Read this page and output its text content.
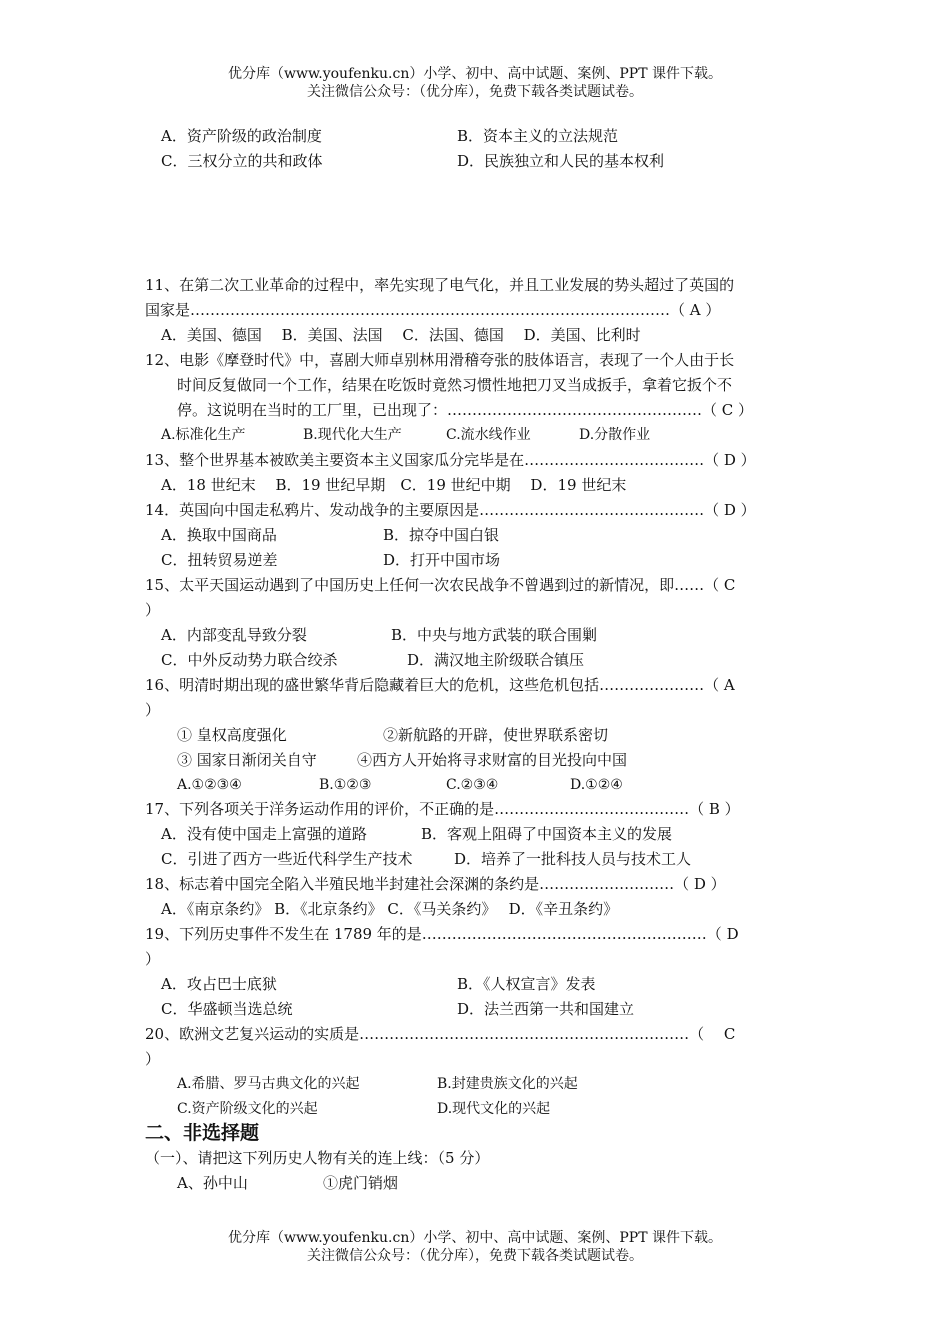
优分库（www.youfenku.cn）小学、初中、高中试题、案例、PPT 课件下载。
关注微信公众号：（优分库），免费下载各类试题试卷。
A．资产阶级的政治制度	B．资本主义的立法规范
C．三权分立的共和政体	D．民族独立和人民的基本权利
11、在第二次工业革命的过程中，率先实现了电气化，并且工业发展的势头超过了英国的
国家是……………………………………………………………………………………（ A ）
A．美国、德国　 B．美国、法国　 C．法国、德国　 D．美国、比利时
12、电影《摩登时代》中，喜剧大师卓别林用滑稽夸张的肢体语言，表现了一个人由于长
时间反复做同一个工作，结果在吃饭时竟然习惯性地把刀叉当成扳手，拿着它扳个不
停。这说明在当时的工厂里，已出现了：……………………………………………（ C ）
A.标准化生产	B.现代化大生产	C.流水线作业	D.分散作业
13、整个世界基本被欧美主要资本主义国家瓜分完毕是在………………………………（ D ）
A．18 世纪末　 B．19 世纪早期　C．19 世纪中期　 D．19 世纪末
14．英国向中国走私鸦片、发动战争的主要原因是………………………………………（ D ）
A．换取中国商品	B．掠夺中国白银
C．扭转贸易逆差	D．打开中国市场
15、太平天国运动遇到了中国历史上任何一次农民战争不曾遇到过的新情况，即……（ C
）
A．内部变乱导致分裂	B．中央与地方武装的联合围剿
C．中外反动势力联合绞杀	D．满汉地主阶级联合镇压
16、明清时期出现的盛世繁华背后隐藏着巨大的危机，这些危机包括…………………（ A
）
① 皇权高度强化	②新航路的开辟，使世界联系密切
③ 国家日渐闭关自守	④西方人开始将寻求财富的目光投向中国
A.①②③④	B.①②③	C.②③④	D.①②④
17、下列各项关于洋务运动作用的评价，不正确的是…………………………………（ B ）
A．没有使中国走上富强的道路	B．客观上阻碍了中国资本主义的发展
C．引进了西方一些近代科学生产技术	D．培养了一批科技人员与技术工人
18、标志着中国完全陷入半殖民地半封建社会深渊的条约是………………………（ D ）
A．《南京条约》 B．《北京条约》 C．《马关条约》　 D．《辛丑条约》
19、下列历史事件不发生在 1789 年的是…………………………………………………（ D
）
A．攻占巴士底狱	B．《人权宣言》发表
C．华盛顿当选总统	D．法兰西第一共和国建立
20、欧洲文艺复兴运动的实质是…………………………………………………………（　 C
）
A.希腊、罗马古典文化的兴起	B.封建贵族文化的兴起
C.资产阶级文化的兴起	D.现代文化的兴起
二、非选择题
（一）、请把这下列历史人物有关的连上线：（5 分）
A、孙中山	①虎门销烟
优分库（www.youfenku.cn）小学、初中、高中试题、案例、PPT 课件下载。
关注微信公众号：（优分库），免费下载各类试题试卷。
